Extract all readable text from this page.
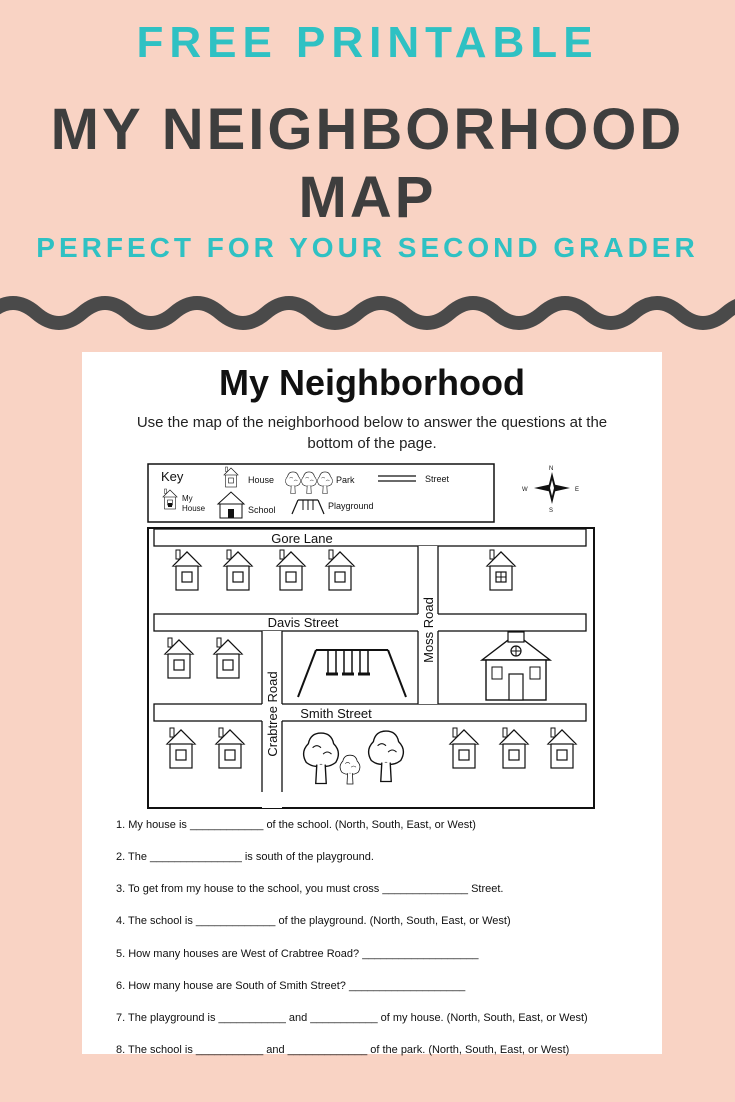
FREE PRINTABLE
MY NEIGHBORHOOD
MAP
PERFECT FOR YOUR SECOND GRADER
My Neighborhood
Use the map of the neighborhood below to answer the questions at the bottom of the page.
Key	House	Park	Street
My
House	School	Playground
N
S
W	E
Gore Lane
Davis Street
Smith Street
Moss Road
Crabtree Road
1. My house is ____________ of the school. (North, South, East, or West)
2. The _______________ is south of the playground.
3. To get from my house to the school, you must cross ______________ Street.
4. The school is _____________ of the playground. (North, South, East, or West)
5. How many houses are West of Crabtree Road? ___________________
6. How many house are South of Smith Street? ___________________
7. The playground is ___________ and ___________ of my house. (North, South, East, or West)
8. The school is ___________ and _____________ of the park. (North, South, East, or West)
